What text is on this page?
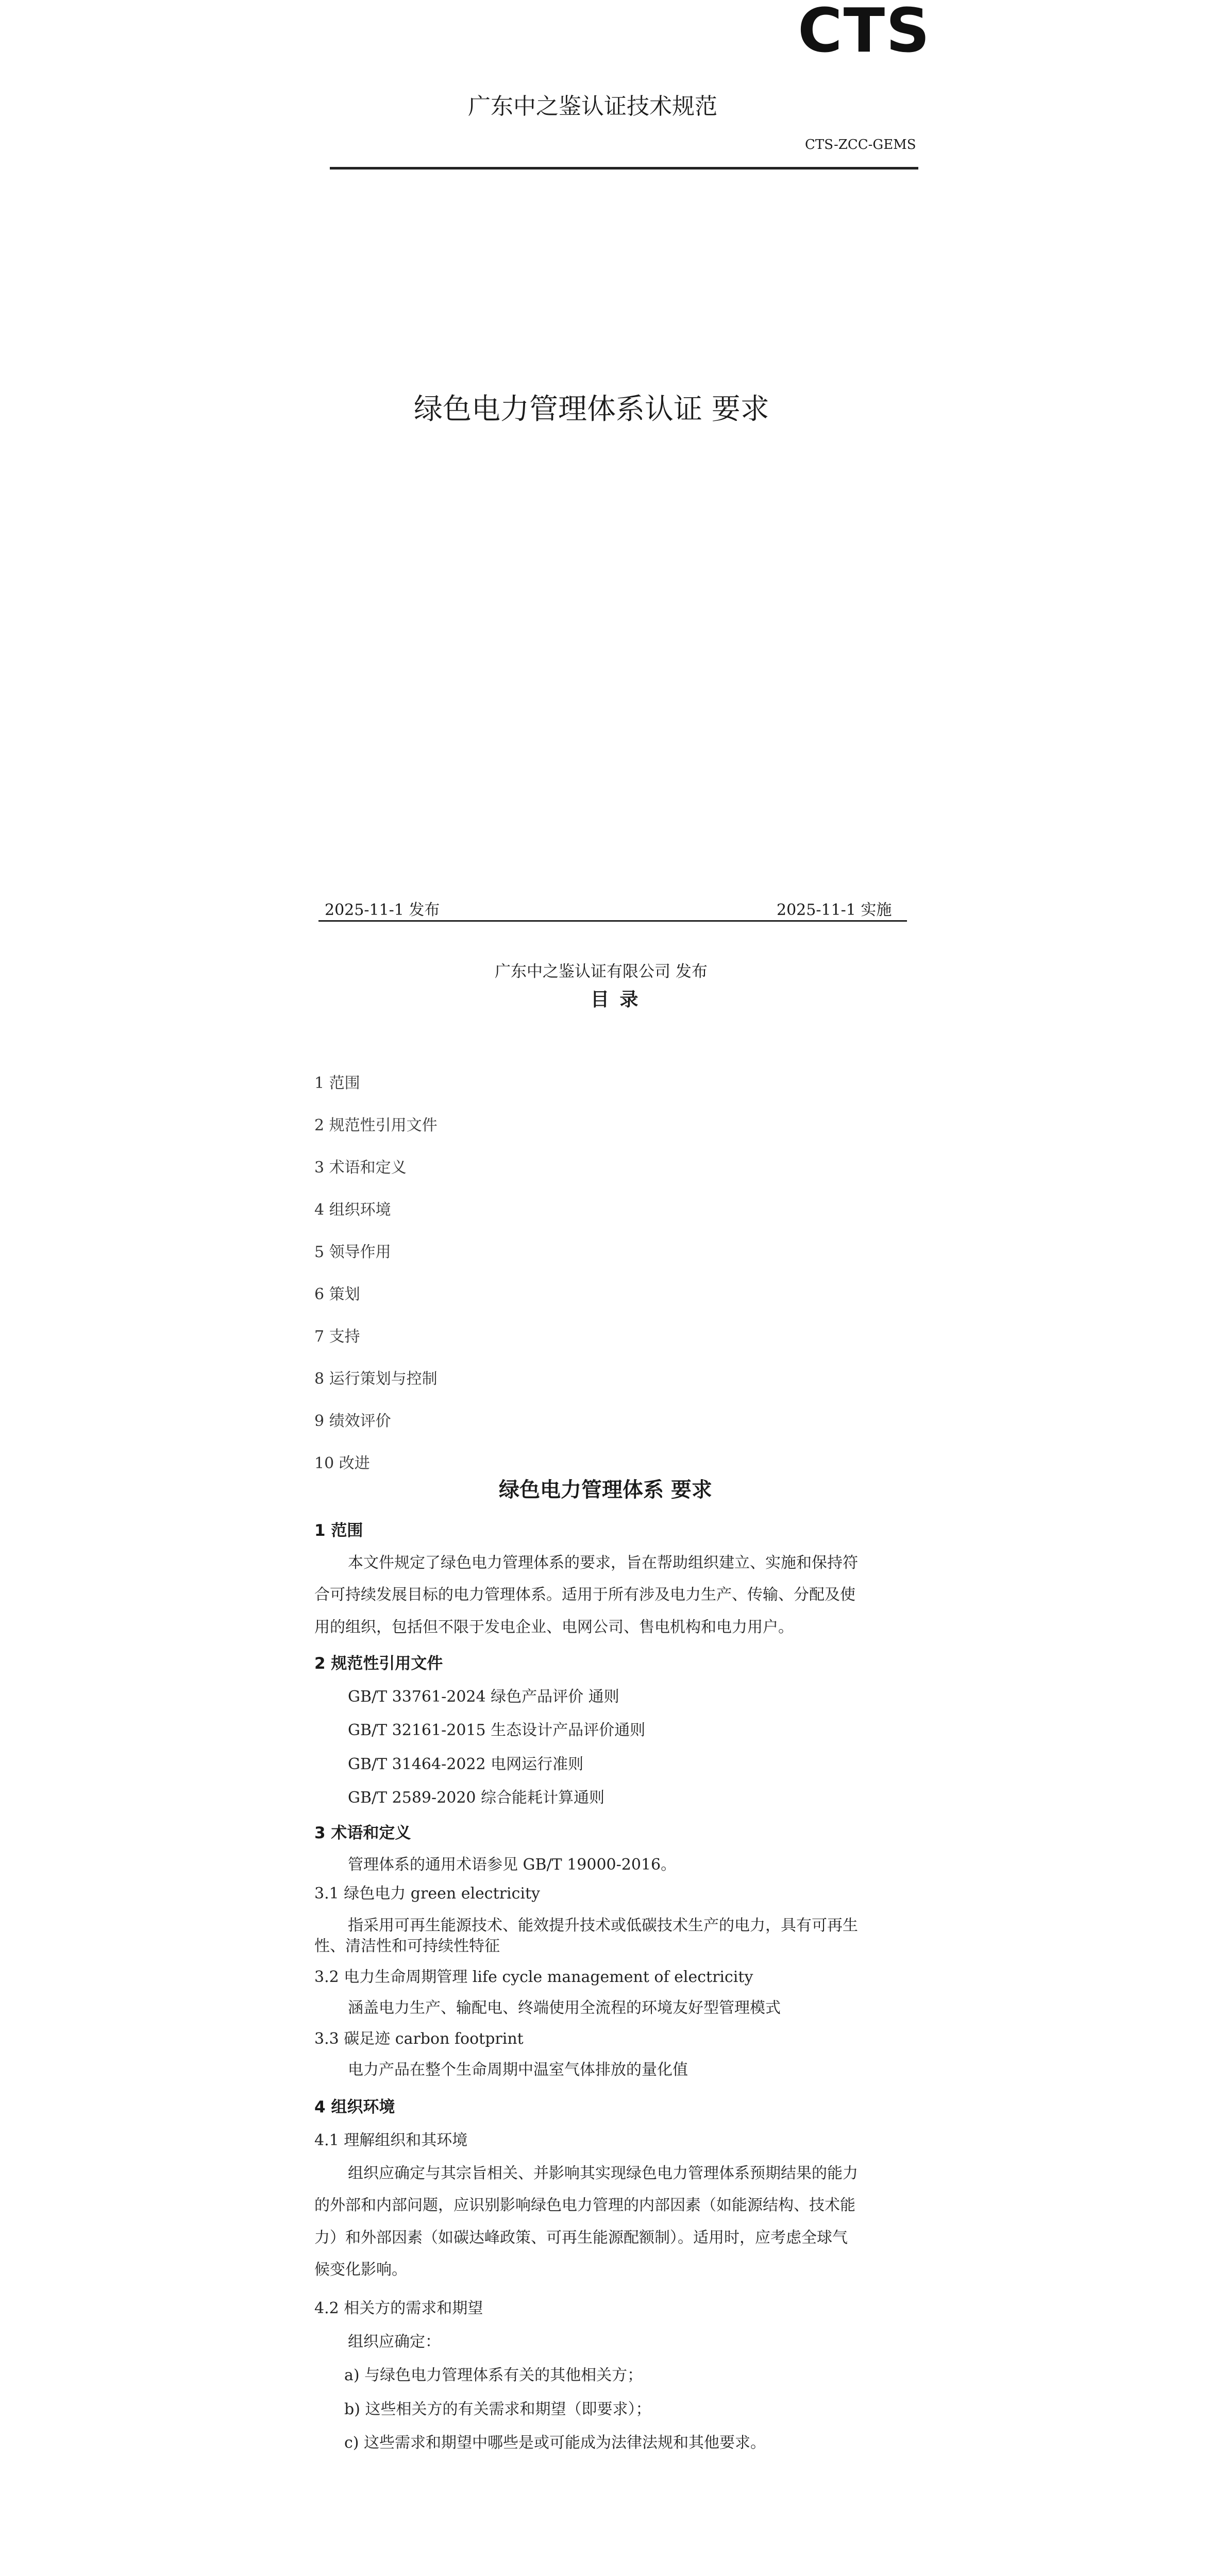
CTS
广东中之鉴认证技术规范
CTS-ZCC-GEMS
绿色电力管理体系认证 要求
2025-11-1 发布	2025-11-1 实施
广东中之鉴认证有限公司 发布
目 录
1 范围
2 规范性引用文件
3 术语和定义
4 组织环境
5 领导作用
6 策划
7 支持
8 运行策划与控制
9 绩效评价
10 改进
绿色电力管理体系 要求
1 范围
本文件规定了绿色电力管理体系的要求，旨在帮助组织建立、实施和保持符
合可持续发展目标的电力管理体系。适用于所有涉及电力生产、传输、分配及使
用的组织，包括但不限于发电企业、电网公司、售电机构和电力用户。
2 规范性引用文件
GB/T 33761-2024 绿色产品评价 通则
GB/T 32161-2015 生态设计产品评价通则
GB/T 31464-2022 电网运行准则
GB/T 2589-2020 综合能耗计算通则
3 术语和定义
管理体系的通用术语参见 GB/T 19000-2016。
3.1 绿色电力 green electricity
指采用可再生能源技术、能效提升技术或低碳技术生产的电力，具有可再生
性、清洁性和可持续性特征
3.2 电力生命周期管理 life cycle management of electricity
涵盖电力生产、输配电、终端使用全流程的环境友好型管理模式
3.3 碳足迹 carbon footprint
电力产品在整个生命周期中温室气体排放的量化值
4 组织环境
4.1 理解组织和其环境
组织应确定与其宗旨相关、并影响其实现绿色电力管理体系预期结果的能力
的外部和内部问题，应识别影响绿色电力管理的内部因素（如能源结构、技术能
力）和外部因素（如碳达峰政策、可再生能源配额制）。适用时，应考虑全球气
候变化影响。
4.2 相关方的需求和期望
组织应确定：
a) 与绿色电力管理体系有关的其他相关方；
b) 这些相关方的有关需求和期望（即要求）；
c) 这些需求和期望中哪些是或可能成为法律法规和其他要求。
